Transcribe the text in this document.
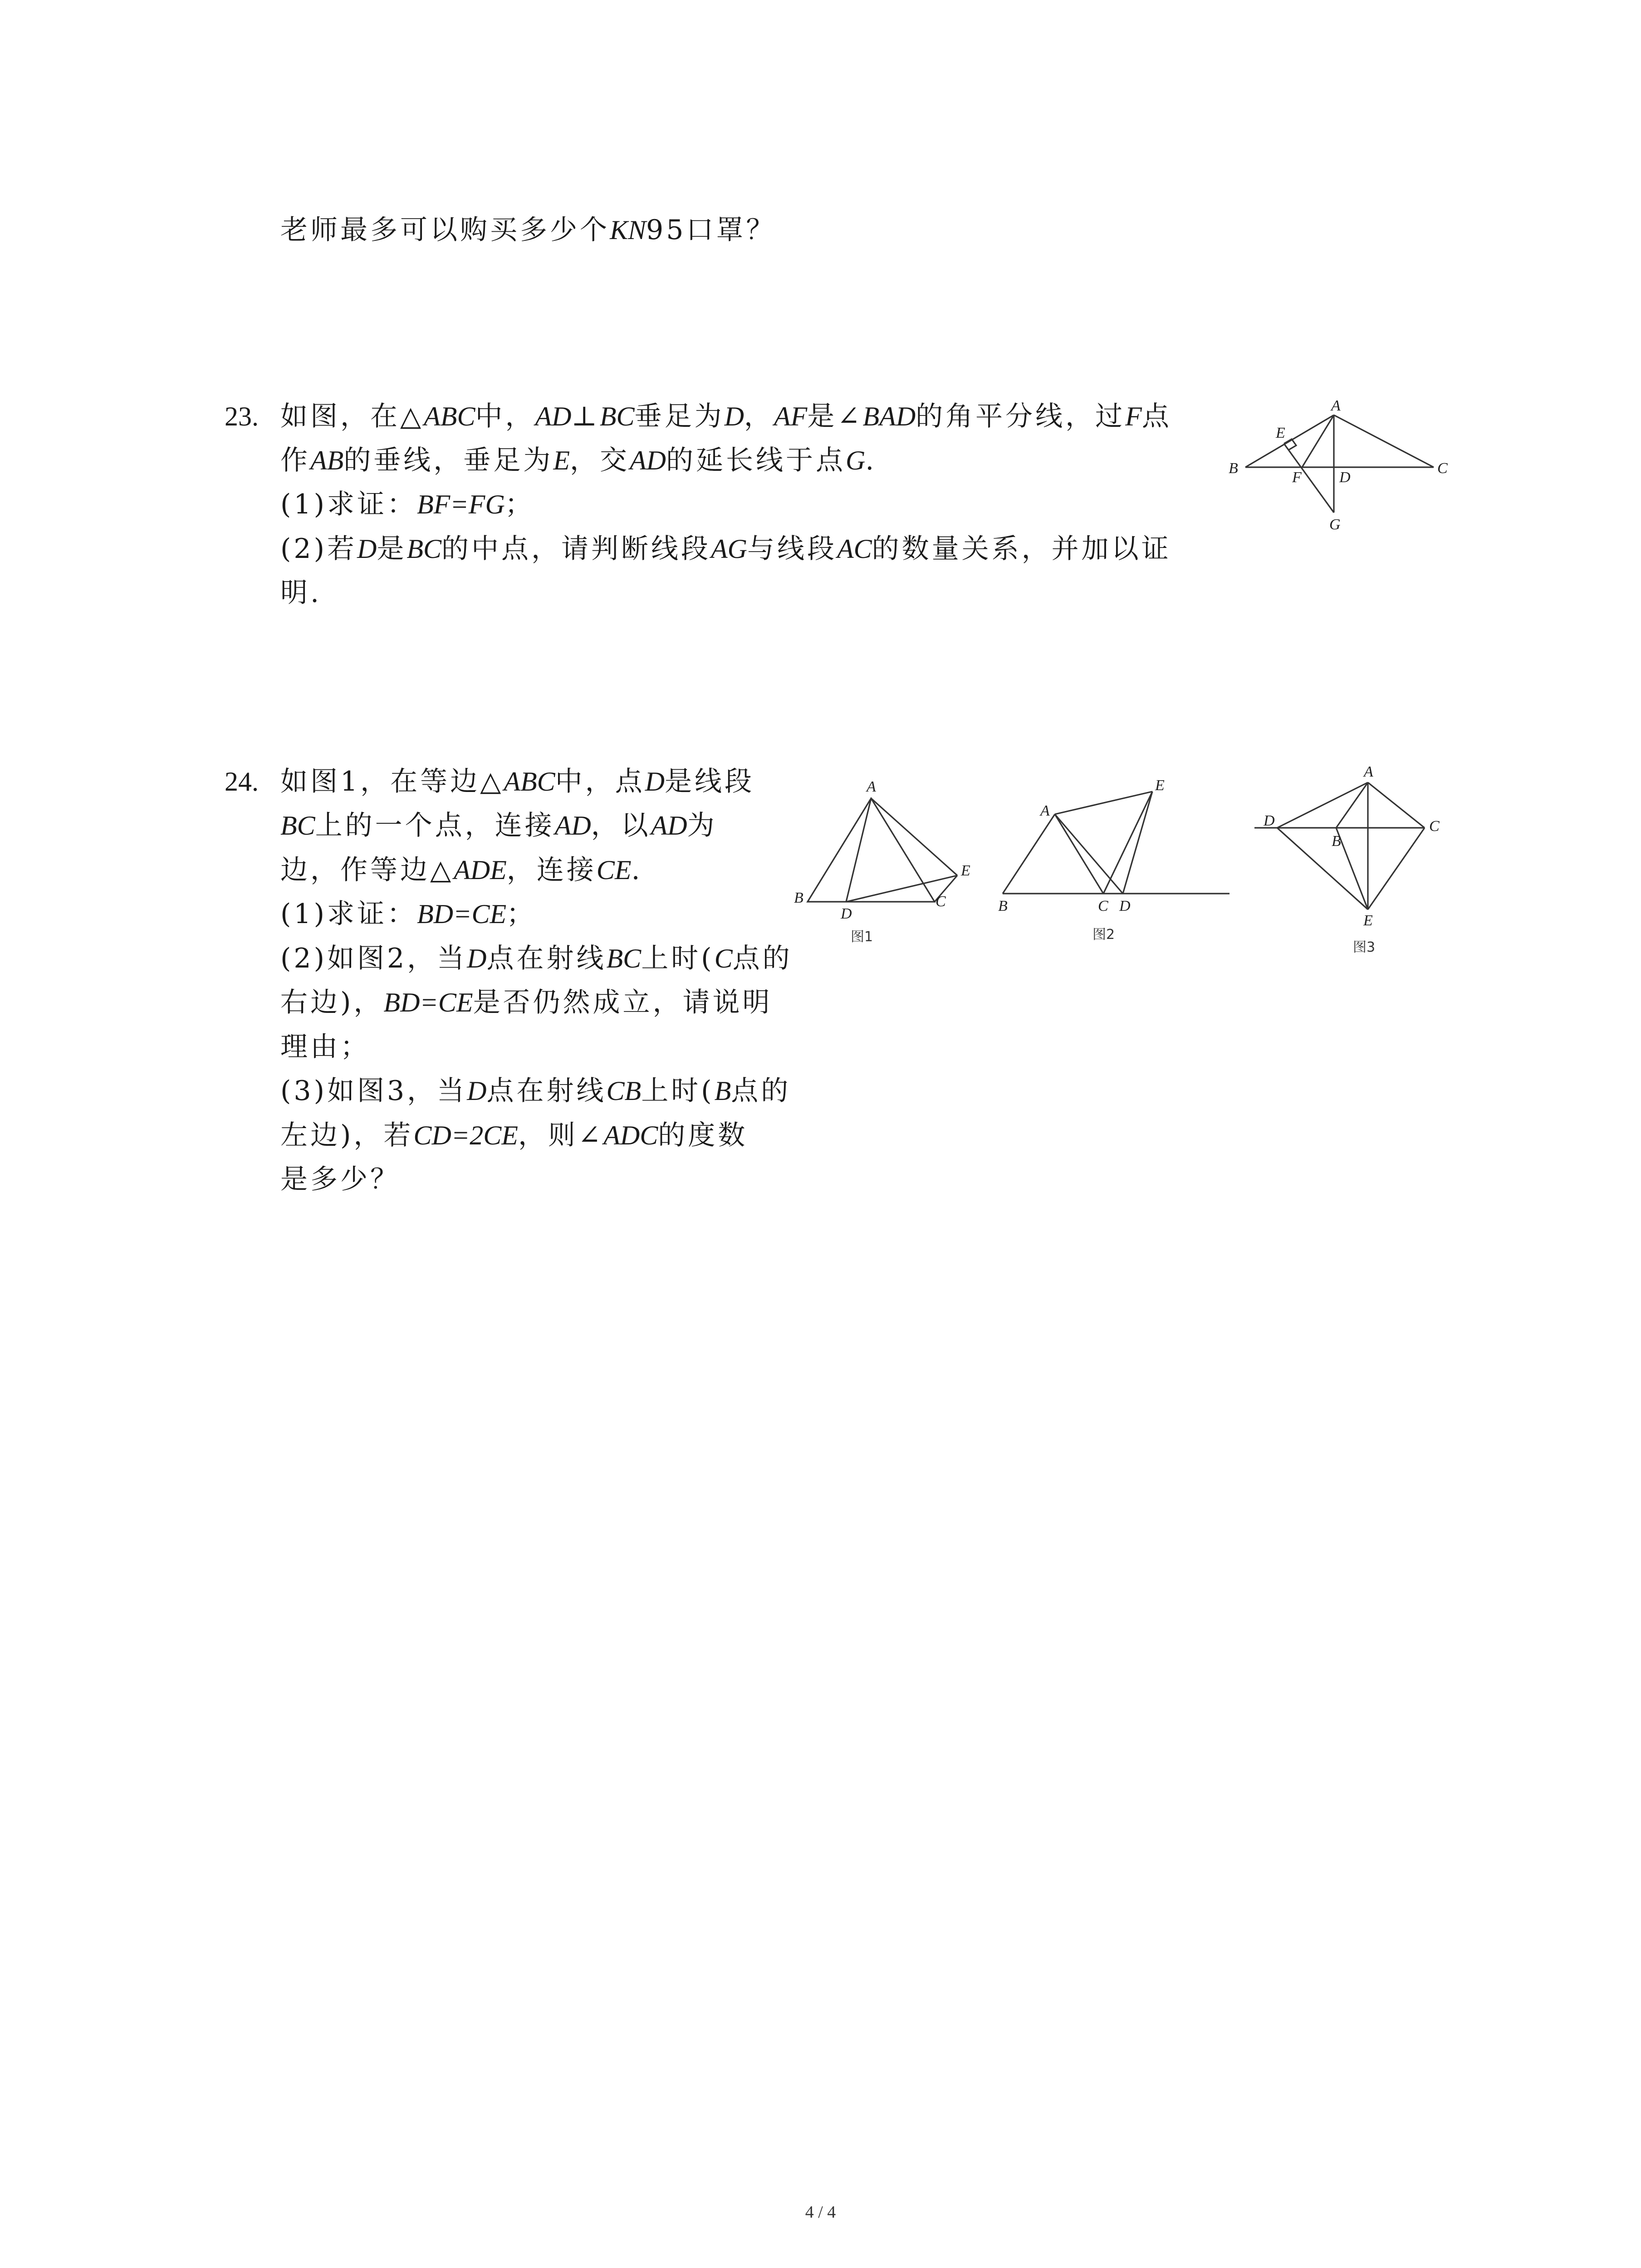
老师最多可以购买多少个KN95口罩？
23. 如图，在△ABC中，AD⊥BC垂足为D，AF是∠BAD的角平分线，过F点
作AB的垂线，垂足为E，交AD的延长线于点G.
(1)求证：BF=FG；
(2)若D是BC的中点，请判断线段AG与线段AC的数量关系，并加以证
明.
A
B	C
D
E
F
G
24. 如图1，在等边△ABC中，点D是线段
BC上的一个点，连接AD，以AD为
边，作等边△ADE，连接CE.
(1)求证：BD=CE；
(2)如图2，当D点在射线BC上时(C点的
右边)，BD=CE是否仍然成立，请说明
理由；
(3)如图3，当D点在射线CB上时(B点的
左边)，若CD=2CE，则∠ADC的度数
是多少？
A
B	C
D
E
图1
A
B	C D
E
图2
A
B
C
D
E
图3
4 / 4
